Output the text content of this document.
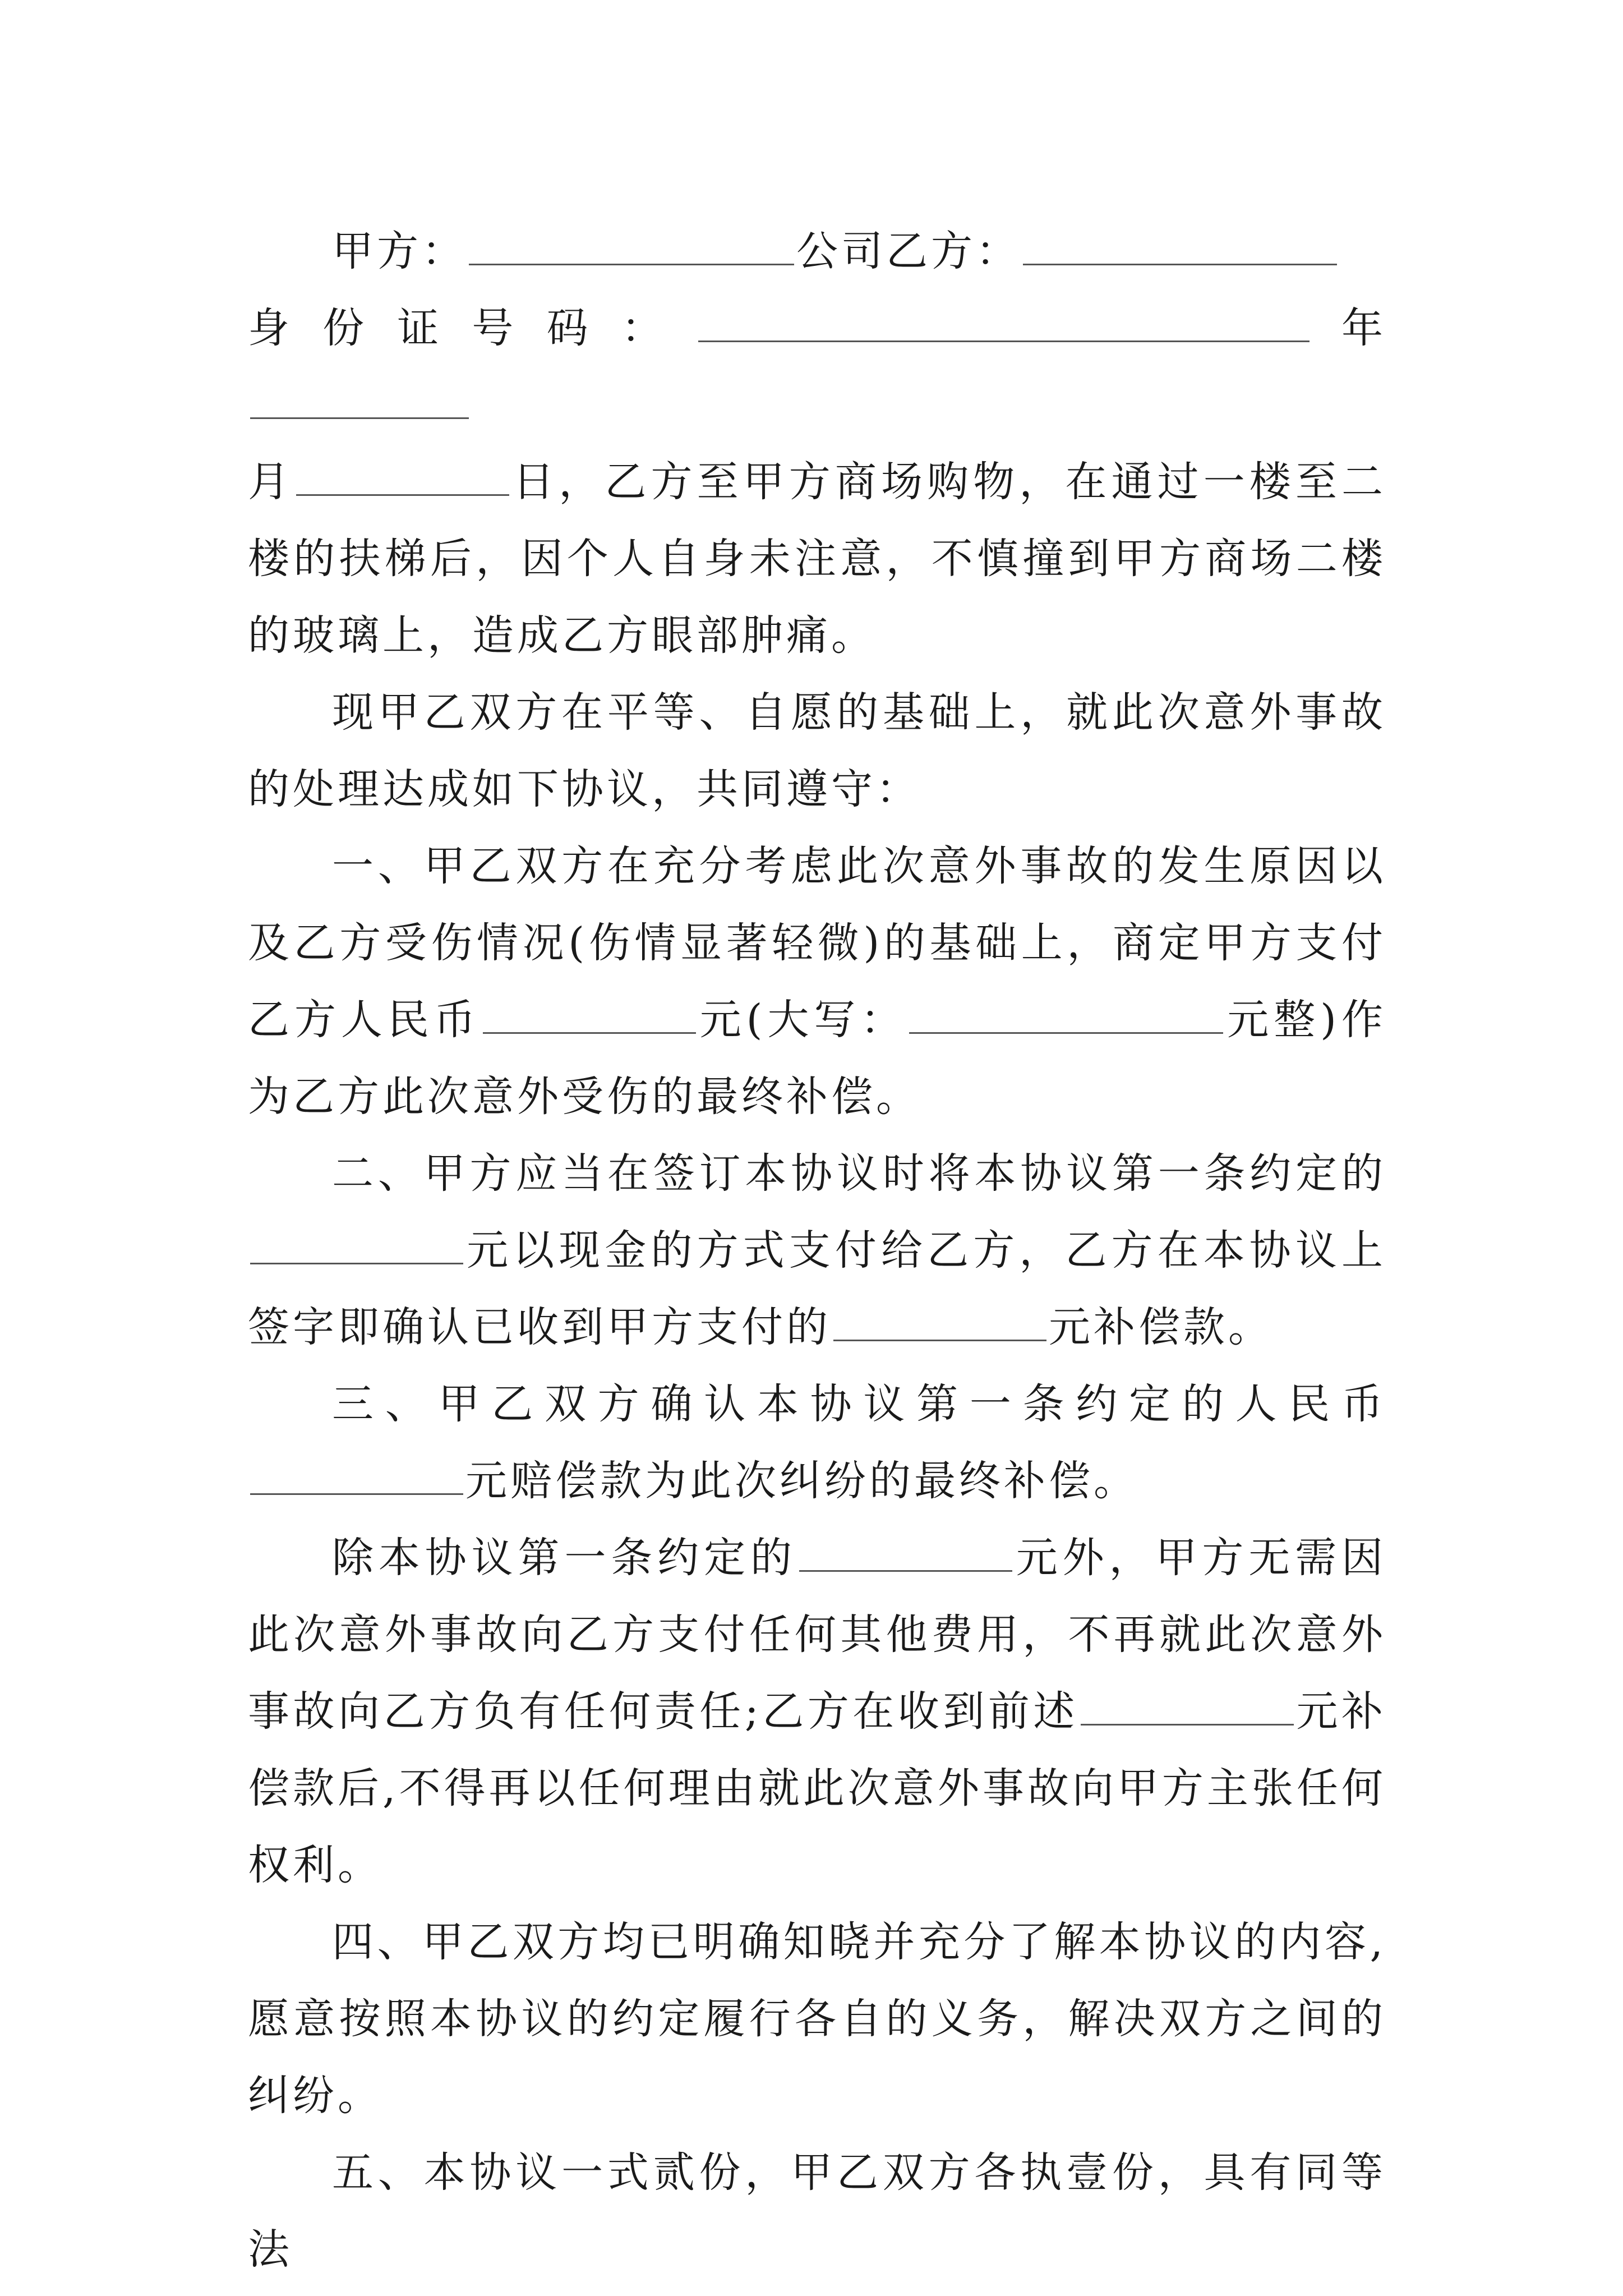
甲方：	公司乙方：

身份证号码：	年

月	日，乙方至甲方商场购物，在通过一楼至二楼的扶梯后，因个人自身未注意，不慎撞到甲方商场二楼的玻璃上，造成乙方眼部肿痛。

现甲乙双方在平等、自愿的基础上，就此次意外事故的处理达成如下协议，共同遵守：

一、甲乙双方在充分考虑此次意外事故的发生原因以及乙方受伤情况(伤情显著轻微)的基础上，商定甲方支付乙方人民币	元(大写：	元整)作为乙方此次意外受伤的最终补偿。

二、甲方应当在签订本协议时将本协议第一条约定的元以现金的方式支付给乙方，乙方在本协议上签字即确认已收到甲方支付的	元补偿款。

三、甲乙双方确认本协议第一条约定的人民币元赔偿款为此次纠纷的最终补偿。

除本协议第一条约定的	元外，甲方无需因此次意外事故向乙方支付任何其他费用，不再就此次意外事故向乙方负有任何责任;乙方在收到前述	元补偿款后,不得再以任何理由就此次意外事故向甲方主张任何权利。

四、甲乙双方均已明确知晓并充分了解本协议的内容,愿意按照本协议的约定履行各自的义务，解决双方之间的纠纷。

五、本协议一式贰份，甲乙双方各执壹份，具有同等法
